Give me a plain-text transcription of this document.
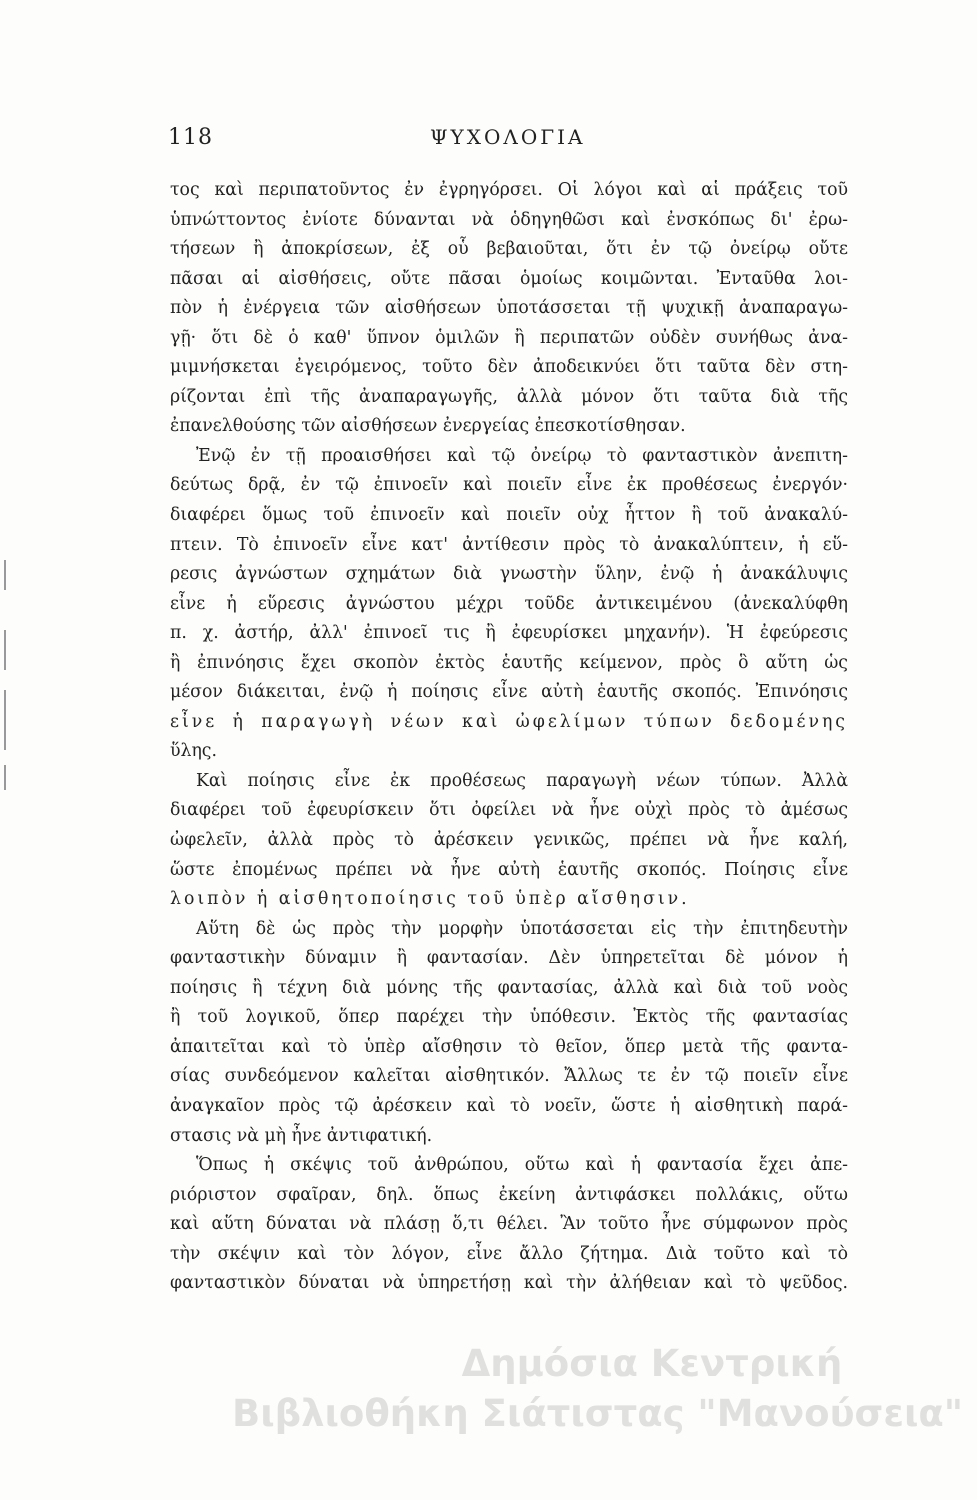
118	ΨΥΧΟΛΟΓΙΑ
τος καὶ περιπατοῦντος ἐν ἐγρηγόρσει. Οἱ λόγοι καὶ αἱ πράξεις τοῦ
ὑπνώττοντος ἐνίοτε δύνανται νὰ ὁδηγηθῶσι καὶ ἐνσκόπως δι' ἐρω-
τήσεων ἢ ἀποκρίσεων, ἐξ οὗ βεβαιοῦται, ὅτι ἐν τῷ ὀνείρῳ οὔτε
πᾶσαι αἱ αἰσθήσεις, οὔτε πᾶσαι ὁμοίως κοιμῶνται. Ἐνταῦθα λοι-
πὸν ἡ ἐνέργεια τῶν αἰσθήσεων ὑποτάσσεται τῇ ψυχικῇ ἀναπαραγω-
γῇ· ὅτι δὲ ὁ καθ' ὕπνον ὁμιλῶν ἢ περιπατῶν οὐδὲν συνήθως ἀνα-
μιμνήσκεται ἐγειρόμενος, τοῦτο δὲν ἀποδεικνύει ὅτι ταῦτα δὲν στη-
ρίζονται ἐπὶ τῆς ἀναπαραγωγῆς, ἀλλὰ μόνον ὅτι ταῦτα διὰ τῆς
ἐπανελθούσης τῶν αἰσθήσεων ἐνεργείας ἐπεσκοτίσθησαν.
Ἐνῷ ἐν τῇ προαισθήσει καὶ τῷ ὀνείρῳ τὸ φανταστικὸν ἀνεπιτη-
δεύτως δρᾷ, ἐν τῷ ἐπινοεῖν καὶ ποιεῖν εἶνε ἐκ προθέσεως ἐνεργόν·
διαφέρει ὅμως τοῦ ἐπινοεῖν καὶ ποιεῖν οὐχ ἧττον ἢ τοῦ ἀνακαλύ-
πτειν. Τὸ ἐπινοεῖν εἶνε κατ' ἀντίθεσιν πρὸς τὸ ἀνακαλύπτειν, ἡ εὕ-
ρεσις ἀγνώστων σχημάτων διὰ γνωστὴν ὕλην, ἐνῷ ἡ ἀνακάλυψις
εἶνε ἡ εὕρεσις ἀγνώστου μέχρι τοῦδε ἀντικειμένου (ἀνεκαλύφθη
π. χ. ἀστήρ, ἀλλ' ἐπινοεῖ τις ἢ ἐφευρίσκει μηχανήν). Ἡ ἐφεύρεσις
ἢ ἐπινόησις ἔχει σκοπὸν ἐκτὸς ἑαυτῆς κείμενον, πρὸς ὃ αὕτη ὡς
μέσον διάκειται, ἐνῷ ἡ ποίησις εἶνε αὐτὴ ἑαυτῆς σκοπός. Ἐπινόησις
εἶνε ἡ παραγωγὴ νέων καὶ ὠφελίμων τύπων δεδομένης
ὕλης.
Καὶ ποίησις εἶνε ἐκ προθέσεως παραγωγὴ νέων τύπων. Ἀλλὰ
διαφέρει τοῦ ἐφευρίσκειν ὅτι ὀφείλει νὰ ἦνε οὐχὶ πρὸς τὸ ἀμέσως
ὠφελεῖν, ἀλλὰ πρὸς τὸ ἀρέσκειν γενικῶς, πρέπει νὰ ἦνε καλή,
ὥστε ἐπομένως πρέπει νὰ ἦνε αὐτὴ ἑαυτῆς σκοπός. Ποίησις εἶνε
λοιπὸν ἡ αἰσθητοποίησις τοῦ ὑπὲρ αἴσθησιν.
Αὕτη δὲ ὡς πρὸς τὴν μορφὴν ὑποτάσσεται εἰς τὴν ἐπιτηδευτὴν
φανταστικὴν δύναμιν ἢ φαντασίαν. Δὲν ὑπηρετεῖται δὲ μόνον ἡ
ποίησις ἢ τέχνη διὰ μόνης τῆς φαντασίας, ἀλλὰ καὶ διὰ τοῦ νοὸς
ἢ τοῦ λογικοῦ, ὅπερ παρέχει τὴν ὑπόθεσιν. Ἐκτὸς τῆς φαντασίας
ἀπαιτεῖται καὶ τὸ ὑπὲρ αἴσθησιν τὸ θεῖον, ὅπερ μετὰ τῆς φαντα-
σίας συνδεόμενον καλεῖται αἰσθητικόν. Ἄλλως τε ἐν τῷ ποιεῖν εἶνε
ἀναγκαῖον πρὸς τῷ ἀρέσκειν καὶ τὸ νοεῖν, ὥστε ἡ αἰσθητικὴ παρά-
στασις νὰ μὴ ἦνε ἀντιφατική.
Ὅπως ἡ σκέψις τοῦ ἀνθρώπου, οὕτω καὶ ἡ φαντασία ἔχει ἀπε-
ριόριστον σφαῖραν, δηλ. ὅπως ἐκείνη ἀντιφάσκει πολλάκις, οὕτω
καὶ αὕτη δύναται νὰ πλάσῃ ὅ,τι θέλει. Ἂν τοῦτο ἦνε σύμφωνον πρὸς
τὴν σκέψιν καὶ τὸν λόγον, εἶνε ἄλλο ζήτημα. Διὰ τοῦτο καὶ τὸ
φανταστικὸν δύναται νὰ ὑπηρετήσῃ καὶ τὴν ἀλήθειαν καὶ τὸ ψεῦδος.
Δημόσια Κεντρική
Βιβλιοθήκη Σιάτιστας "Μανούσεια"
